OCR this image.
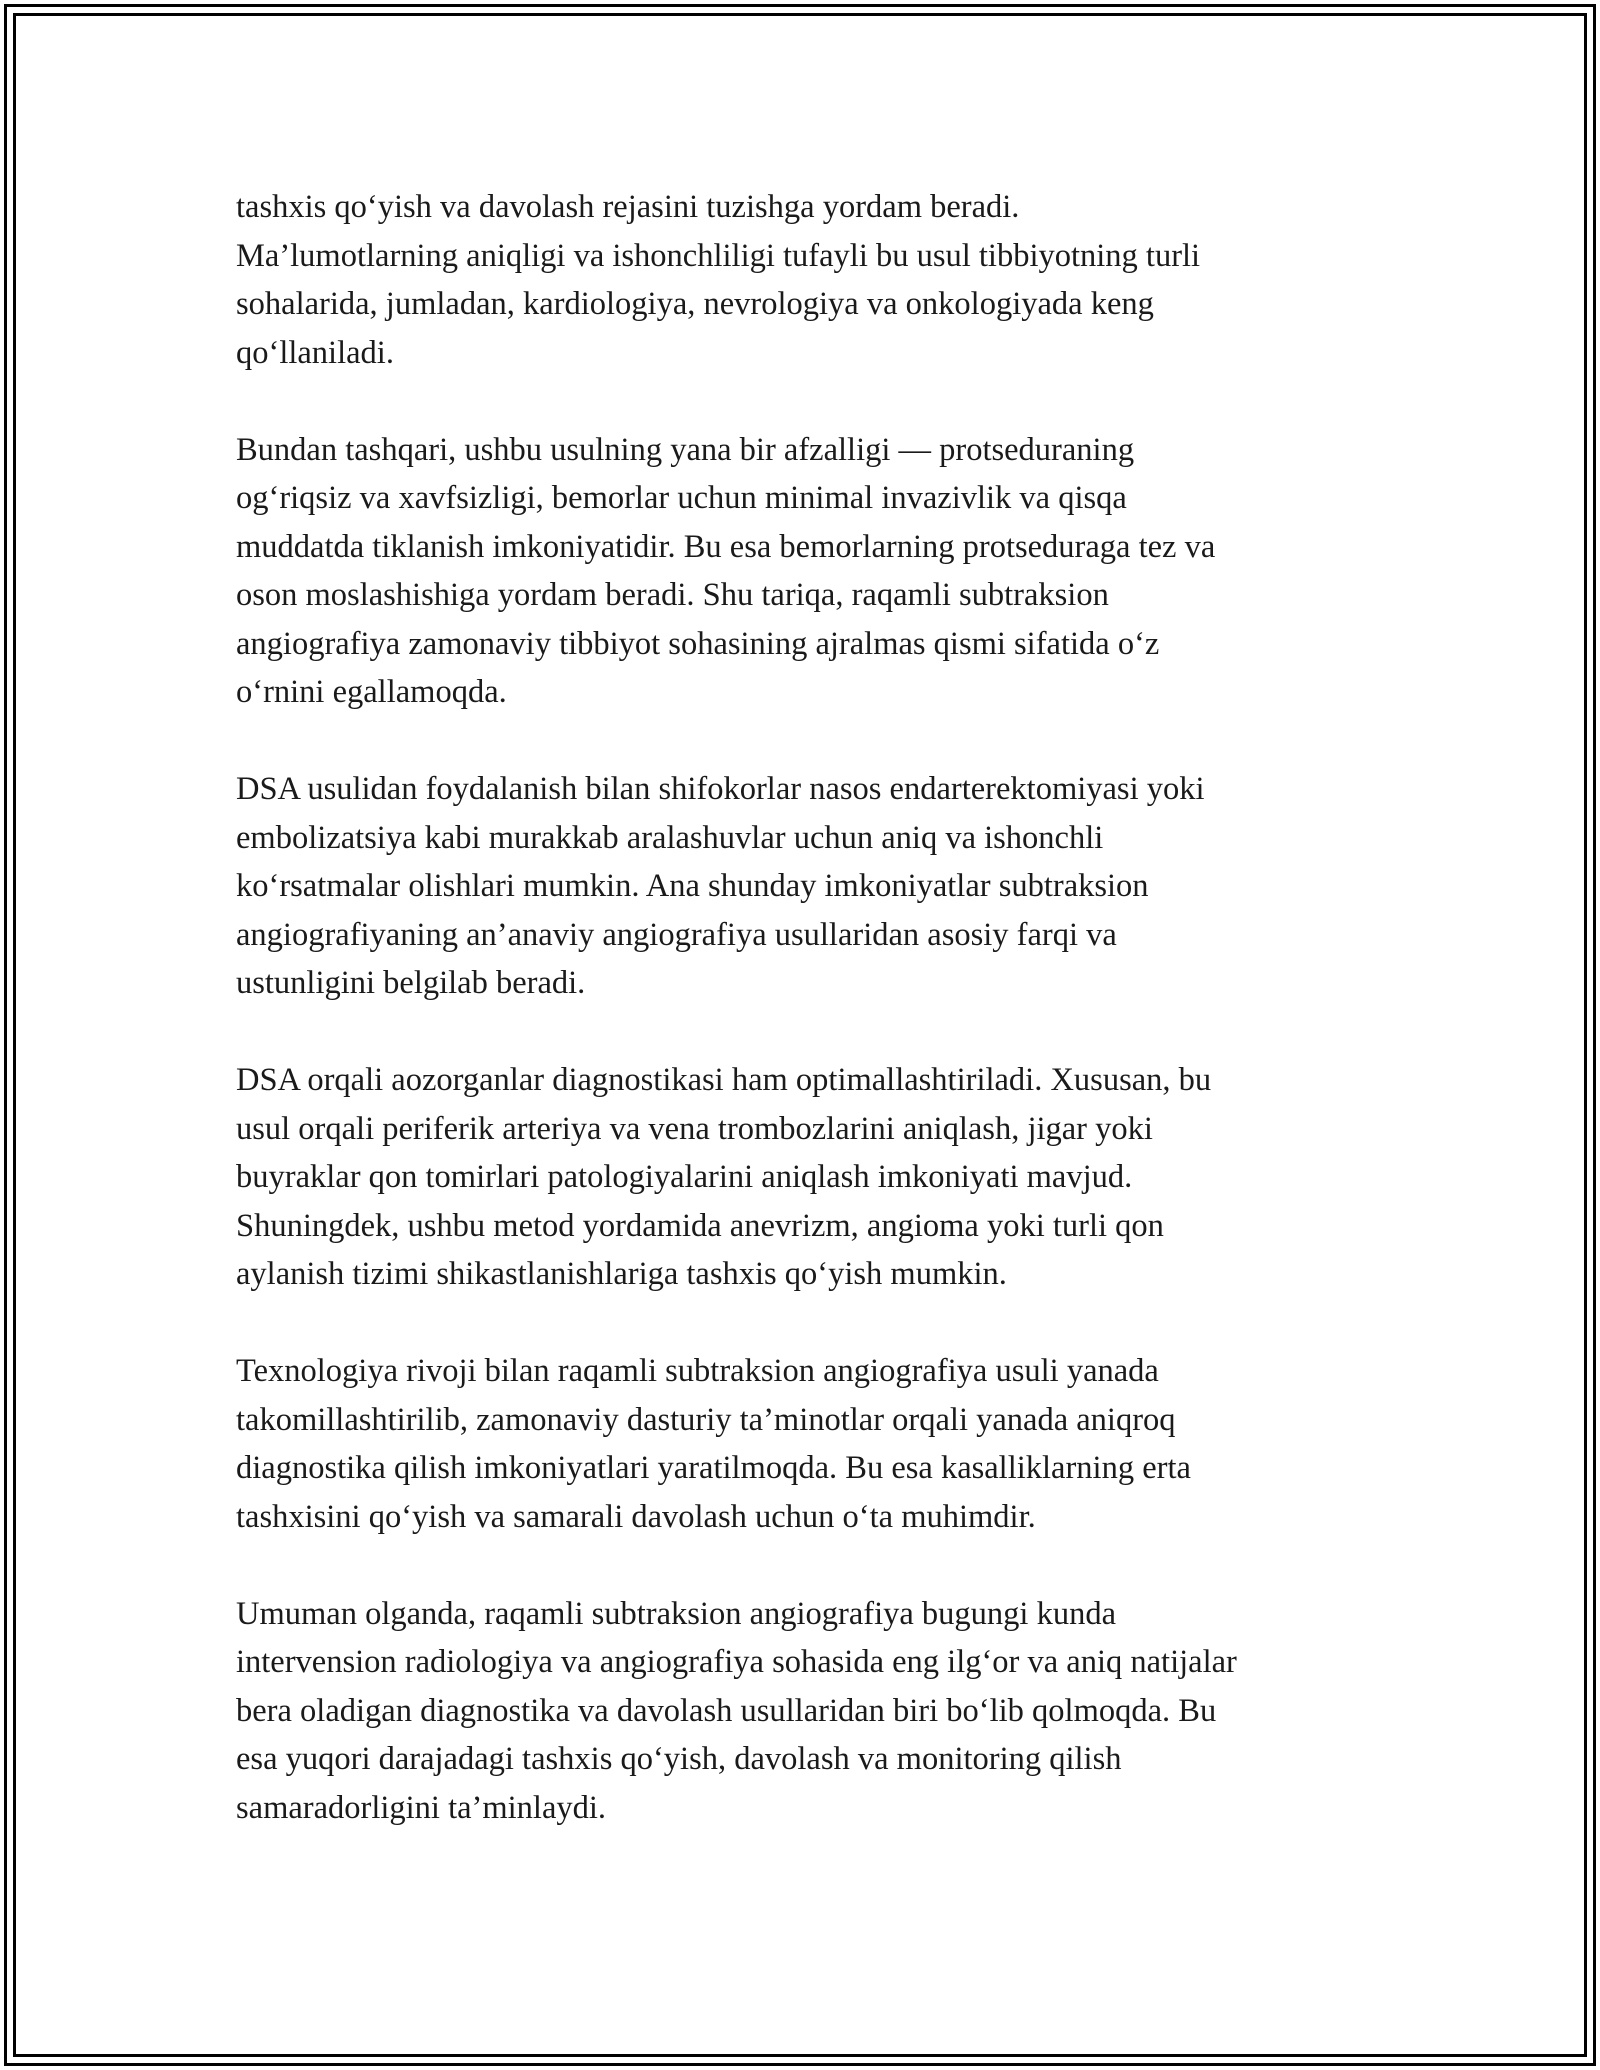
tashxis qo‘yish va davolash rejasini tuzishga yordam beradi.
Ma’lumotlarning aniqligi va ishonchliligi tufayli bu usul tibbiyotning turli
sohalarida, jumladan, kardiologiya, nevrologiya va onkologiyada keng
qo‘llaniladi.

Bundan tashqari, ushbu usulning yana bir afzalligi — protseduraning
og‘riqsiz va xavfsizligi, bemorlar uchun minimal invazivlik va qisqa
muddatda tiklanish imkoniyatidir. Bu esa bemorlarning protseduraga tez va
oson moslashishiga yordam beradi. Shu tariqa, raqamli subtraksion
angiografiya zamonaviy tibbiyot sohasining ajralmas qismi sifatida o‘z
o‘rnini egallamoqda.

DSA usulidan foydalanish bilan shifokorlar nasos endarterektomiyasi yoki
embolizatsiya kabi murakkab aralashuvlar uchun aniq va ishonchli
ko‘rsatmalar olishlari mumkin. Ana shunday imkoniyatlar subtraksion
angiografiyaning an’anaviy angiografiya usullaridan asosiy farqi va
ustunligini belgilab beradi.

DSA orqali aozorganlar diagnostikasi ham optimallashtiriladi. Xususan, bu
usul orqali periferik arteriya va vena trombozlarini aniqlash, jigar yoki
buyraklar qon tomirlari patologiyalarini aniqlash imkoniyati mavjud.
Shuningdek, ushbu metod yordamida anevrizm, angioma yoki turli qon
aylanish tizimi shikastlanishlariga tashxis qo‘yish mumkin.

Texnologiya rivoji bilan raqamli subtraksion angiografiya usuli yanada
takomillashtirilib, zamonaviy dasturiy ta’minotlar orqali yanada aniqroq
diagnostika qilish imkoniyatlari yaratilmoqda. Bu esa kasalliklarning erta
tashxisini qo‘yish va samarali davolash uchun o‘ta muhimdir.

Umuman olganda, raqamli subtraksion angiografiya bugungi kunda
intervension radiologiya va angiografiya sohasida eng ilg‘or va aniq natijalar
bera oladigan diagnostika va davolash usullaridan biri bo‘lib qolmoqda. Bu
esa yuqori darajadagi tashxis qo‘yish, davolash va monitoring qilish
samaradorligini ta’minlaydi.
